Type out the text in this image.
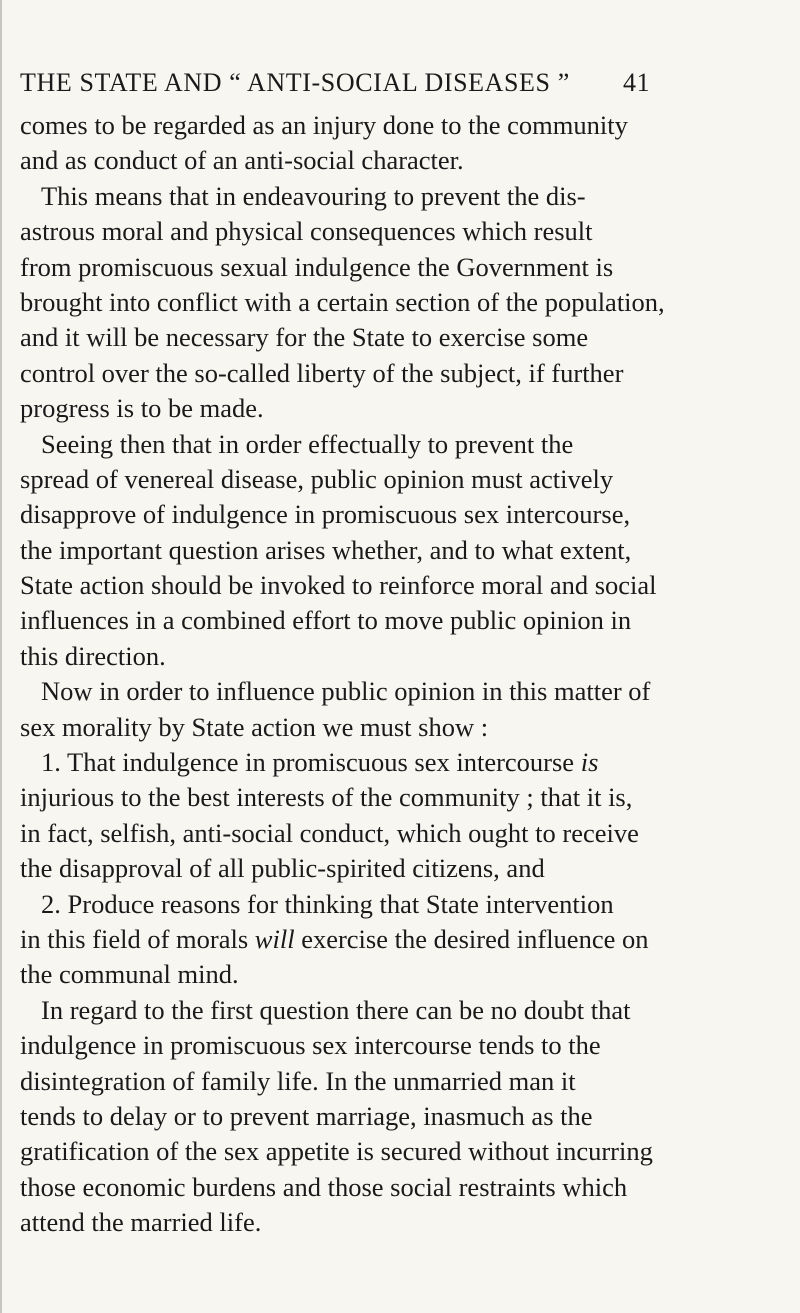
THE STATE AND “ ANTI-SOCIAL DISEASES ” 41
comes to be regarded as an injury done to the community
and as conduct of an anti-social character.
This means that in endeavouring to prevent the dis-
astrous moral and physical consequences which result
from promiscuous sexual indulgence the Government is
brought into conflict with a certain section of the population,
and it will be necessary for the State to exercise some
control over the so-called liberty of the subject, if further
progress is to be made.
Seeing then that in order effectually to prevent the
spread of venereal disease, public opinion must actively
disapprove of indulgence in promiscuous sex intercourse,
the important question arises whether, and to what extent,
State action should be invoked to reinforce moral and social
influences in a combined effort to move public opinion in
this direction.
Now in order to influence public opinion in this matter of
sex morality by State action we must show :
1. That indulgence in promiscuous sex intercourse is
injurious to the best interests of the community ; that it is,
in fact, selfish, anti-social conduct, which ought to receive
the disapproval of all public-spirited citizens, and
2. Produce reasons for thinking that State intervention
in this field of morals will exercise the desired influence on
the communal mind.
In regard to the first question there can be no doubt that
indulgence in promiscuous sex intercourse tends to the
disintegration of family life. In the unmarried man it
tends to delay or to prevent marriage, inasmuch as the
gratification of the sex appetite is secured without incurring
those economic burdens and those social restraints which
attend the married life.
